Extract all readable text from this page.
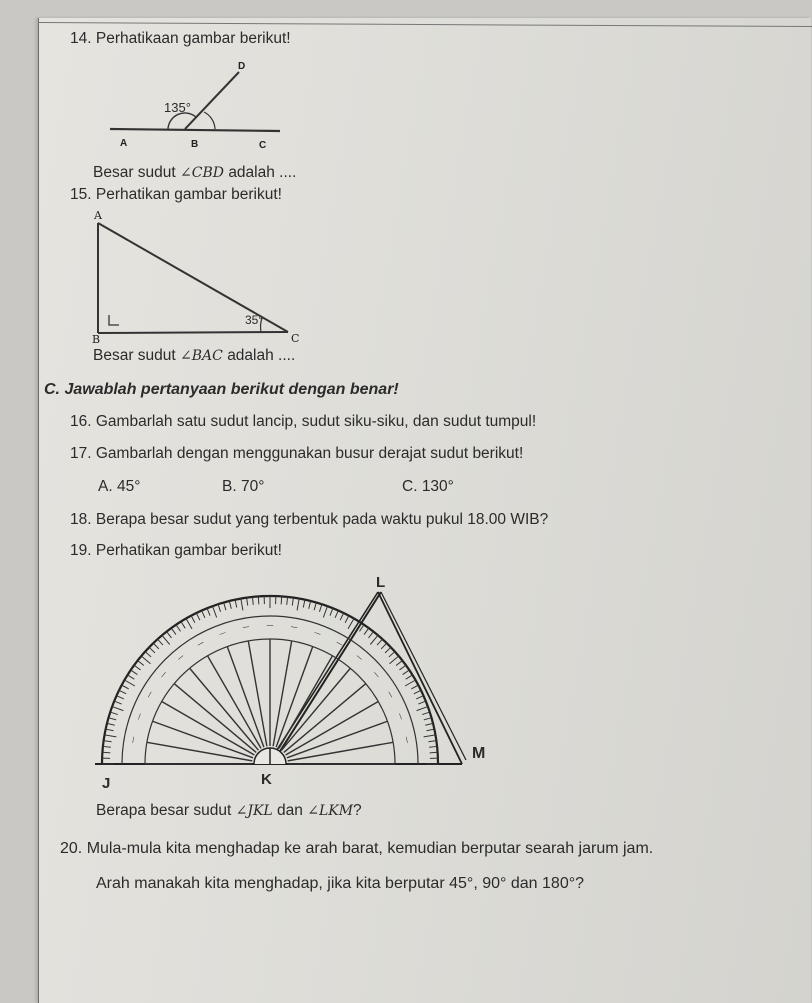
14. Perhatikaan gambar berikut!
D
135°
A	B	C
Besar sudut ∠CBD adalah ....
15. Perhatikan gambar berikut!
A
B	C
35°
Besar sudut ∠BAC adalah ....
C. Jawablah pertanyaan berikut dengan benar!
16. Gambarlah satu sudut lancip, sudut siku-siku, dan sudut tumpul!
17. Gambarlah dengan menggunakan busur derajat sudut berikut!
A. 45°	B. 70°	C. 130°
18. Berapa besar sudut yang terbentuk pada waktu pukul 18.00 WIB?
19. Perhatikan gambar berikut!
—
—
—
—
—
—
—
—
—
—
—
—
—
—
—
—
—
L
J	K
M
Berapa besar sudut ∠JKL dan ∠LKM?
20. Mula-mula kita menghadap ke arah barat, kemudian berputar searah jarum jam.
Arah manakah kita menghadap, jika kita berputar 45°, 90° dan 180°?
